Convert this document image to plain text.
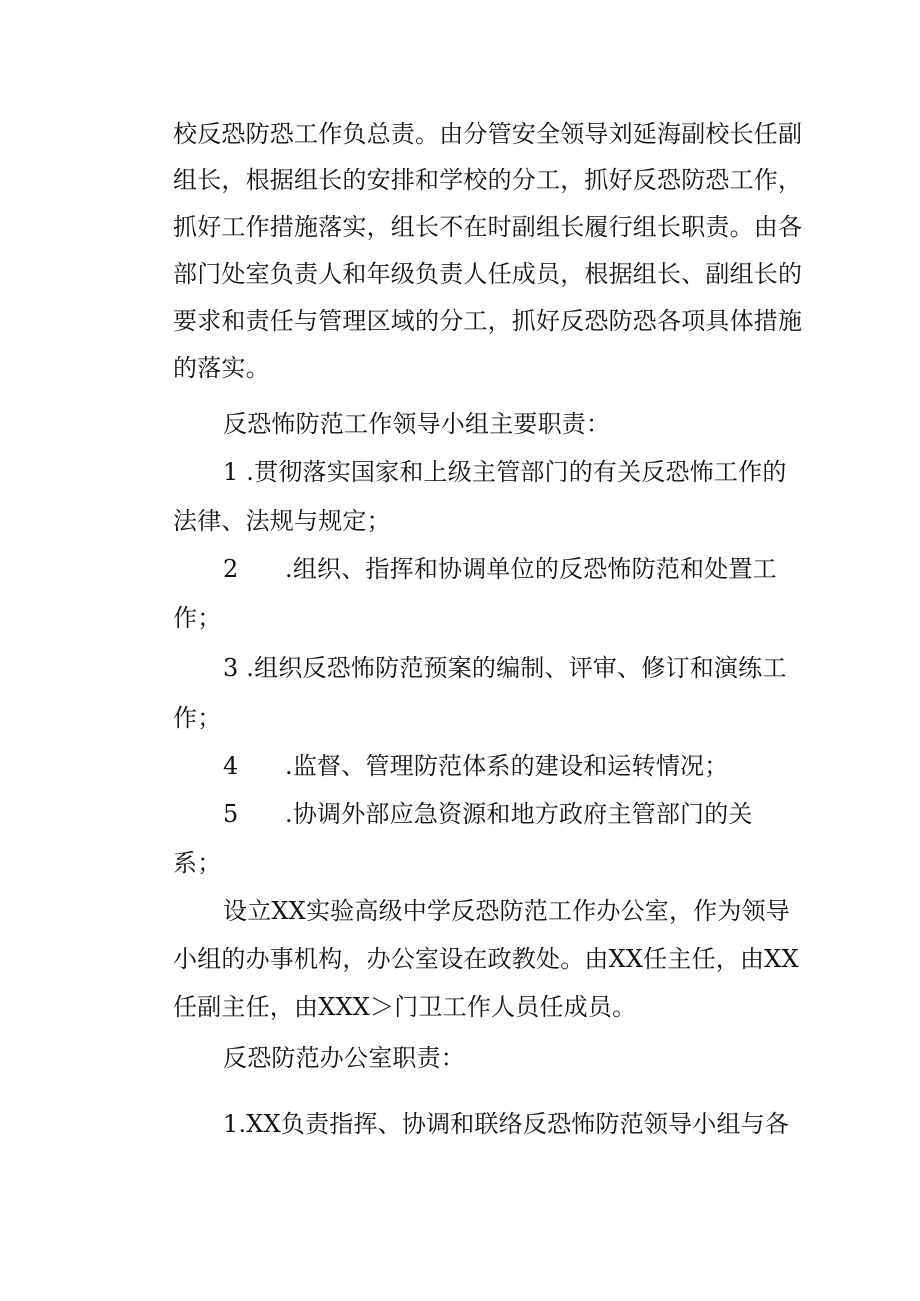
校反恐防恐工作负总责。由分管安全领导刘延海副校长任副
组长，根据组长的安排和学校的分工，抓好反恐防恐工作，
抓好工作措施落实，组长不在时副组长履行组长职责。由各
部门处室负责人和年级负责人任成员，根据组长、副组长的
要求和责任与管理区域的分工，抓好反恐防恐各项具体措施
的落实。
反恐怖防范工作领导小组主要职责：
1 .贯彻落实国家和上级主管部门的有关反恐怖工作的
法律、法规与规定；
2 .组织、指挥和协调单位的反恐怖防范和处置工
作；
3 .组织反恐怖防范预案的编制、评审、修订和演练工
作；
4 .监督、管理防范体系的建设和运转情况；
5 .协调外部应急资源和地方政府主管部门的关
系；
设立XX实验高级中学反恐防范工作办公室，作为领导
小组的办事机构，办公室设在政教处。由XX任主任，由XX
任副主任，由XXX＞门卫工作人员任成员。
反恐防范办公室职责：
1.XX负责指挥、协调和联络反恐怖防范领导小组与各
